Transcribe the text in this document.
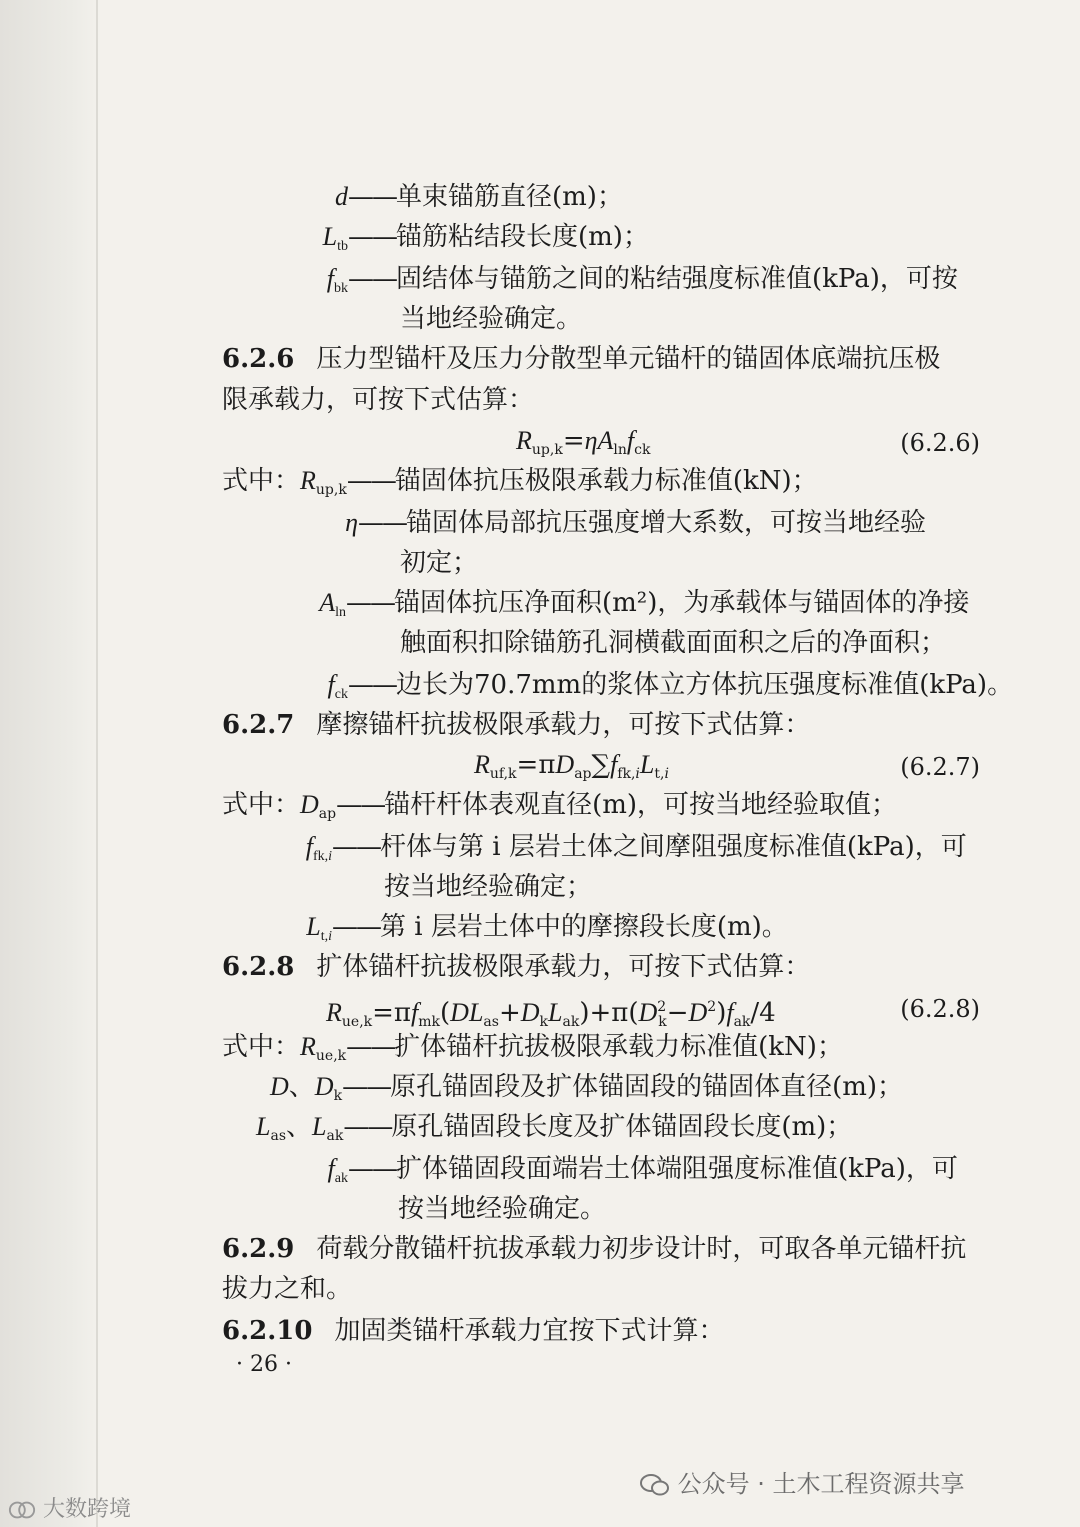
d——单束锚筋直径(m)；
$L_{tb}——$锚筋粘结段长度(m)；
$f_{bk}——$固结体与锚筋之间的粘结强度标准值(kPa)，可按
当地经验确定。
6.2.6 压力型锚杆及压力分散型单元锚杆的锚固体底端抗压极
限承载力，可按下式估算：
$R_{up,k}=\eta A_{ln}f_{ck}$	(6.2.6)
式中：$R_{up,k}——$锚固体抗压极限承载力标准值(kN)；
η——锚固体局部抗压强度增大系数，可按当地经验
初定；
$A_{ln}——$锚固体抗压净面积(m²)，为承载体与锚固体的净接
触面积扣除锚筋孔洞横截面面积之后的净面积；
$f_{ck}——$边长为70.7mm的浆体立方体抗压强度标准值(kPa)。
6.2.7 摩擦锚杆抗拔极限承载力，可按下式估算：
$R_{uf,k}=\pi D_{ap}\sum f_{fk,i}L_{t,i}$	(6.2.7)
式中：$D_{ap}——$锚杆杆体表观直径(m)，可按当地经验取值；
$f_{fk,i}——$杆体与第 i 层岩土体之间摩阻强度标准值(kPa)，可
按当地经验确定；
$L_{t,i}——$第 i 层岩土体中的摩擦段长度(m)。
6.2.8 扩体锚杆抗拔极限承载力，可按下式估算：
$R_{ue,k}=\pi f_{mk}(DL_{as}+D_kL_{ak})+\pi(D^2_k-D^2)f_{ak}/4$	(6.2.8)
式中：$R_{ue,k}——$扩体锚杆抗拔极限承载力标准值(kN)；
D、$D_k——$原孔锚固段及扩体锚固段的锚固体直径(m)；
$L_{as}$、$L_{ak}——$原孔锚固段长度及扩体锚固段长度(m)；
$f_{ak}——$扩体锚固段面端岩土体端阻强度标准值(kPa)，可
按当地经验确定。
6.2.9 荷载分散锚杆抗拔承载力初步设计时，可取各单元锚杆抗
拔力之和。
6.2.10 加固类锚杆承载力宜按下式计算：
· 26 ·
公众号 · 土木工程资源共享
大数跨境
